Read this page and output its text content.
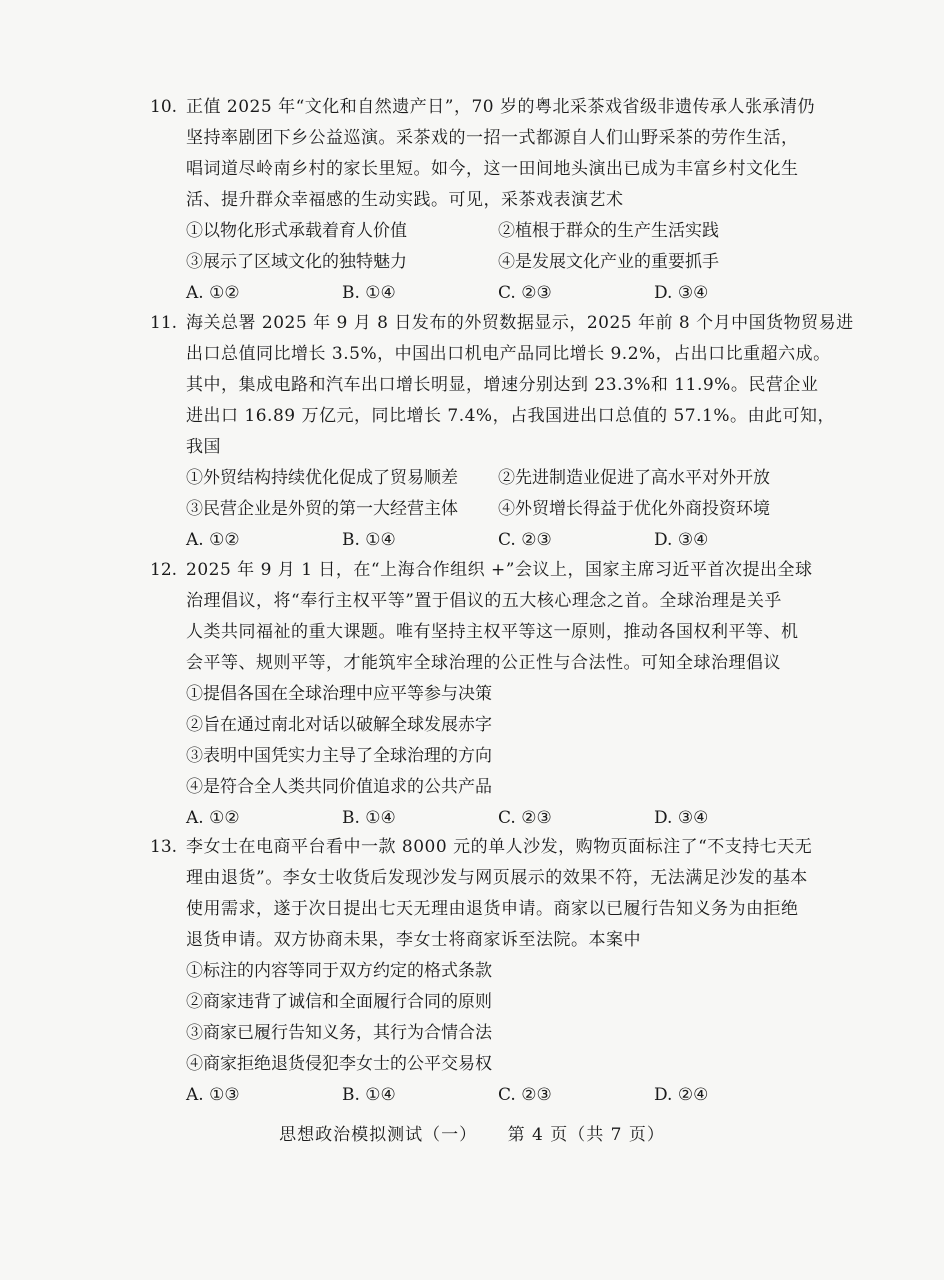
10. 正值 2025 年“文化和自然遗产日”，70 岁的粤北采茶戏省级非遗传承人张承清仍
坚持率剧团下乡公益巡演。采茶戏的一招一式都源自人们山野采茶的劳作生活，
唱词道尽岭南乡村的家长里短。如今，这一田间地头演出已成为丰富乡村文化生
活、提升群众幸福感的生动实践。可见，采茶戏表演艺术
①以物化形式承载着育人价值	②植根于群众的生产生活实践
③展示了区域文化的独特魅力	④是发展文化产业的重要抓手
A. ①②	B. ①④	C. ②③	D. ③④
11. 海关总署 2025 年 9 月 8 日发布的外贸数据显示，2025 年前 8 个月中国货物贸易进
出口总值同比增长 3.5%，中国出口机电产品同比增长 9.2%，占出口比重超六成。
其中，集成电路和汽车出口增长明显，增速分别达到 23.3%和 11.9%。民营企业
进出口 16.89 万亿元，同比增长 7.4%，占我国进出口总值的 57.1%。由此可知，
我国
①外贸结构持续优化促成了贸易顺差	②先进制造业促进了高水平对外开放
③民营企业是外贸的第一大经营主体	④外贸增长得益于优化外商投资环境
A. ①②	B. ①④	C. ②③	D. ③④
12. 2025 年 9 月 1 日，在“上海合作组织 +”会议上，国家主席习近平首次提出全球
治理倡议，将“奉行主权平等”置于倡议的五大核心理念之首。全球治理是关乎
人类共同福祉的重大课题。唯有坚持主权平等这一原则，推动各国权利平等、机
会平等、规则平等，才能筑牢全球治理的公正性与合法性。可知全球治理倡议
①提倡各国在全球治理中应平等参与决策
②旨在通过南北对话以破解全球发展赤字
③表明中国凭实力主导了全球治理的方向
④是符合全人类共同价值追求的公共产品
A. ①②	B. ①④	C. ②③	D. ③④
13. 李女士在电商平台看中一款 8000 元的单人沙发，购物页面标注了“不支持七天无
理由退货”。李女士收货后发现沙发与网页展示的效果不符，无法满足沙发的基本
使用需求，遂于次日提出七天无理由退货申请。商家以已履行告知义务为由拒绝
退货申请。双方协商未果，李女士将商家诉至法院。本案中
①标注的内容等同于双方约定的格式条款
②商家违背了诚信和全面履行合同的原则
③商家已履行告知义务，其行为合情合法
④商家拒绝退货侵犯李女士的公平交易权
A. ①③	B. ①④	C. ②③	D. ②④
思想政治模拟测试（一） 第 4 页（共 7 页）
